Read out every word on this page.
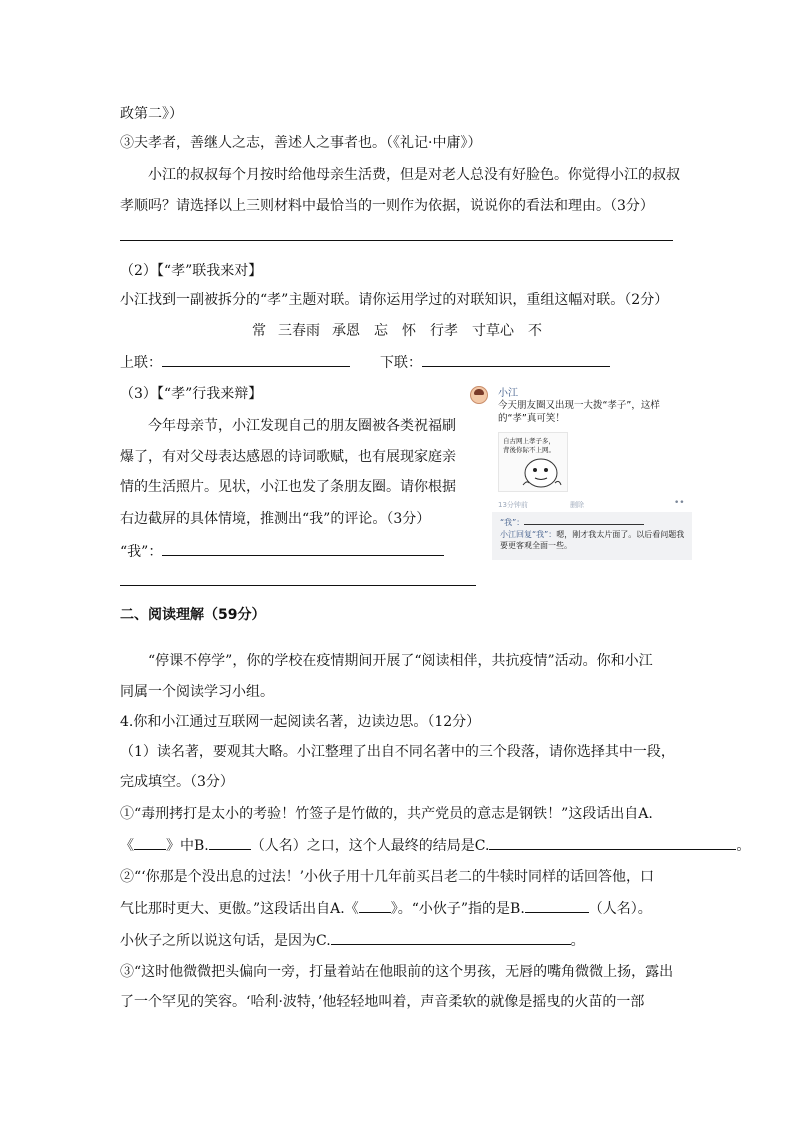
政第二》）
③夫孝者，善继人之志，善述人之事者也。（《礼记·中庸》）
小江的叔叔每个月按时给他母亲生活费，但是对老人总没有好脸色。你觉得小江的叔叔
孝顺吗？请选择以上三则材料中最恰当的一则作为依据，说说你的看法和理由。（3分）
（2）【“孝”联我来对】
小江找到一副被拆分的“孝”主题对联。请你运用学过的对联知识，重组这幅对联。（2分）
常 三春雨 承恩 忘 怀 行孝 寸草心 不
上联：	下联：
（3）【“孝”行我来辩】
今年母亲节，小江发现自己的朋友圈被各类祝福刷
爆了，有对父母表达感恩的诗词歌赋，也有展现家庭亲
情的生活照片。见状，小江也发了条朋友圈。请你根据
右边截屏的具体情境，推测出“我”的评论。（3分）
“我”：
小江
今天朋友圈又出现一大拨“孝子”，这样的“孝”真可笑！
自古网上孝子多，
背後你际不上网。
13分钟前	删除	••
“我”：
小江回复“我”：嗯，刚才我太片面了。以后看问题我要更客观全面一些。
二、阅读理解（59分）
“停课不停学”，你的学校在疫情期间开展了“阅读相伴，共抗疫情”活动。你和小江
同属一个阅读学习小组。
4.你和小江通过互联网一起阅读名著，边读边思。（12分）
（1）读名著，要观其大略。小江整理了出自不同名著中的三个段落，请你选择其中一段，
完成填空。（3分）
①“毒刑拷打是太小的考验！竹签子是竹做的，共产党员的意志是钢铁！”这段话出自A.
《 》中B.	（人名）之口，这个人最终的结局是C.	。
②“‘你那是个没出息的过法！’小伙子用十几年前买吕老二的牛犊时同样的话回答他，口
气比那时更大、更傲。”这段话出自A.《 》。“小伙子”指的是B.	（人名）。
小伙子之所以说这句话，是因为C.	。
③“这时他微微把头偏向一旁，打量着站在他眼前的这个男孩，无唇的嘴角微微上扬，露出
了一个罕见的笑容。‘哈利·波特，’他轻轻地叫着，声音柔软的就像是摇曳的火苗的一部
